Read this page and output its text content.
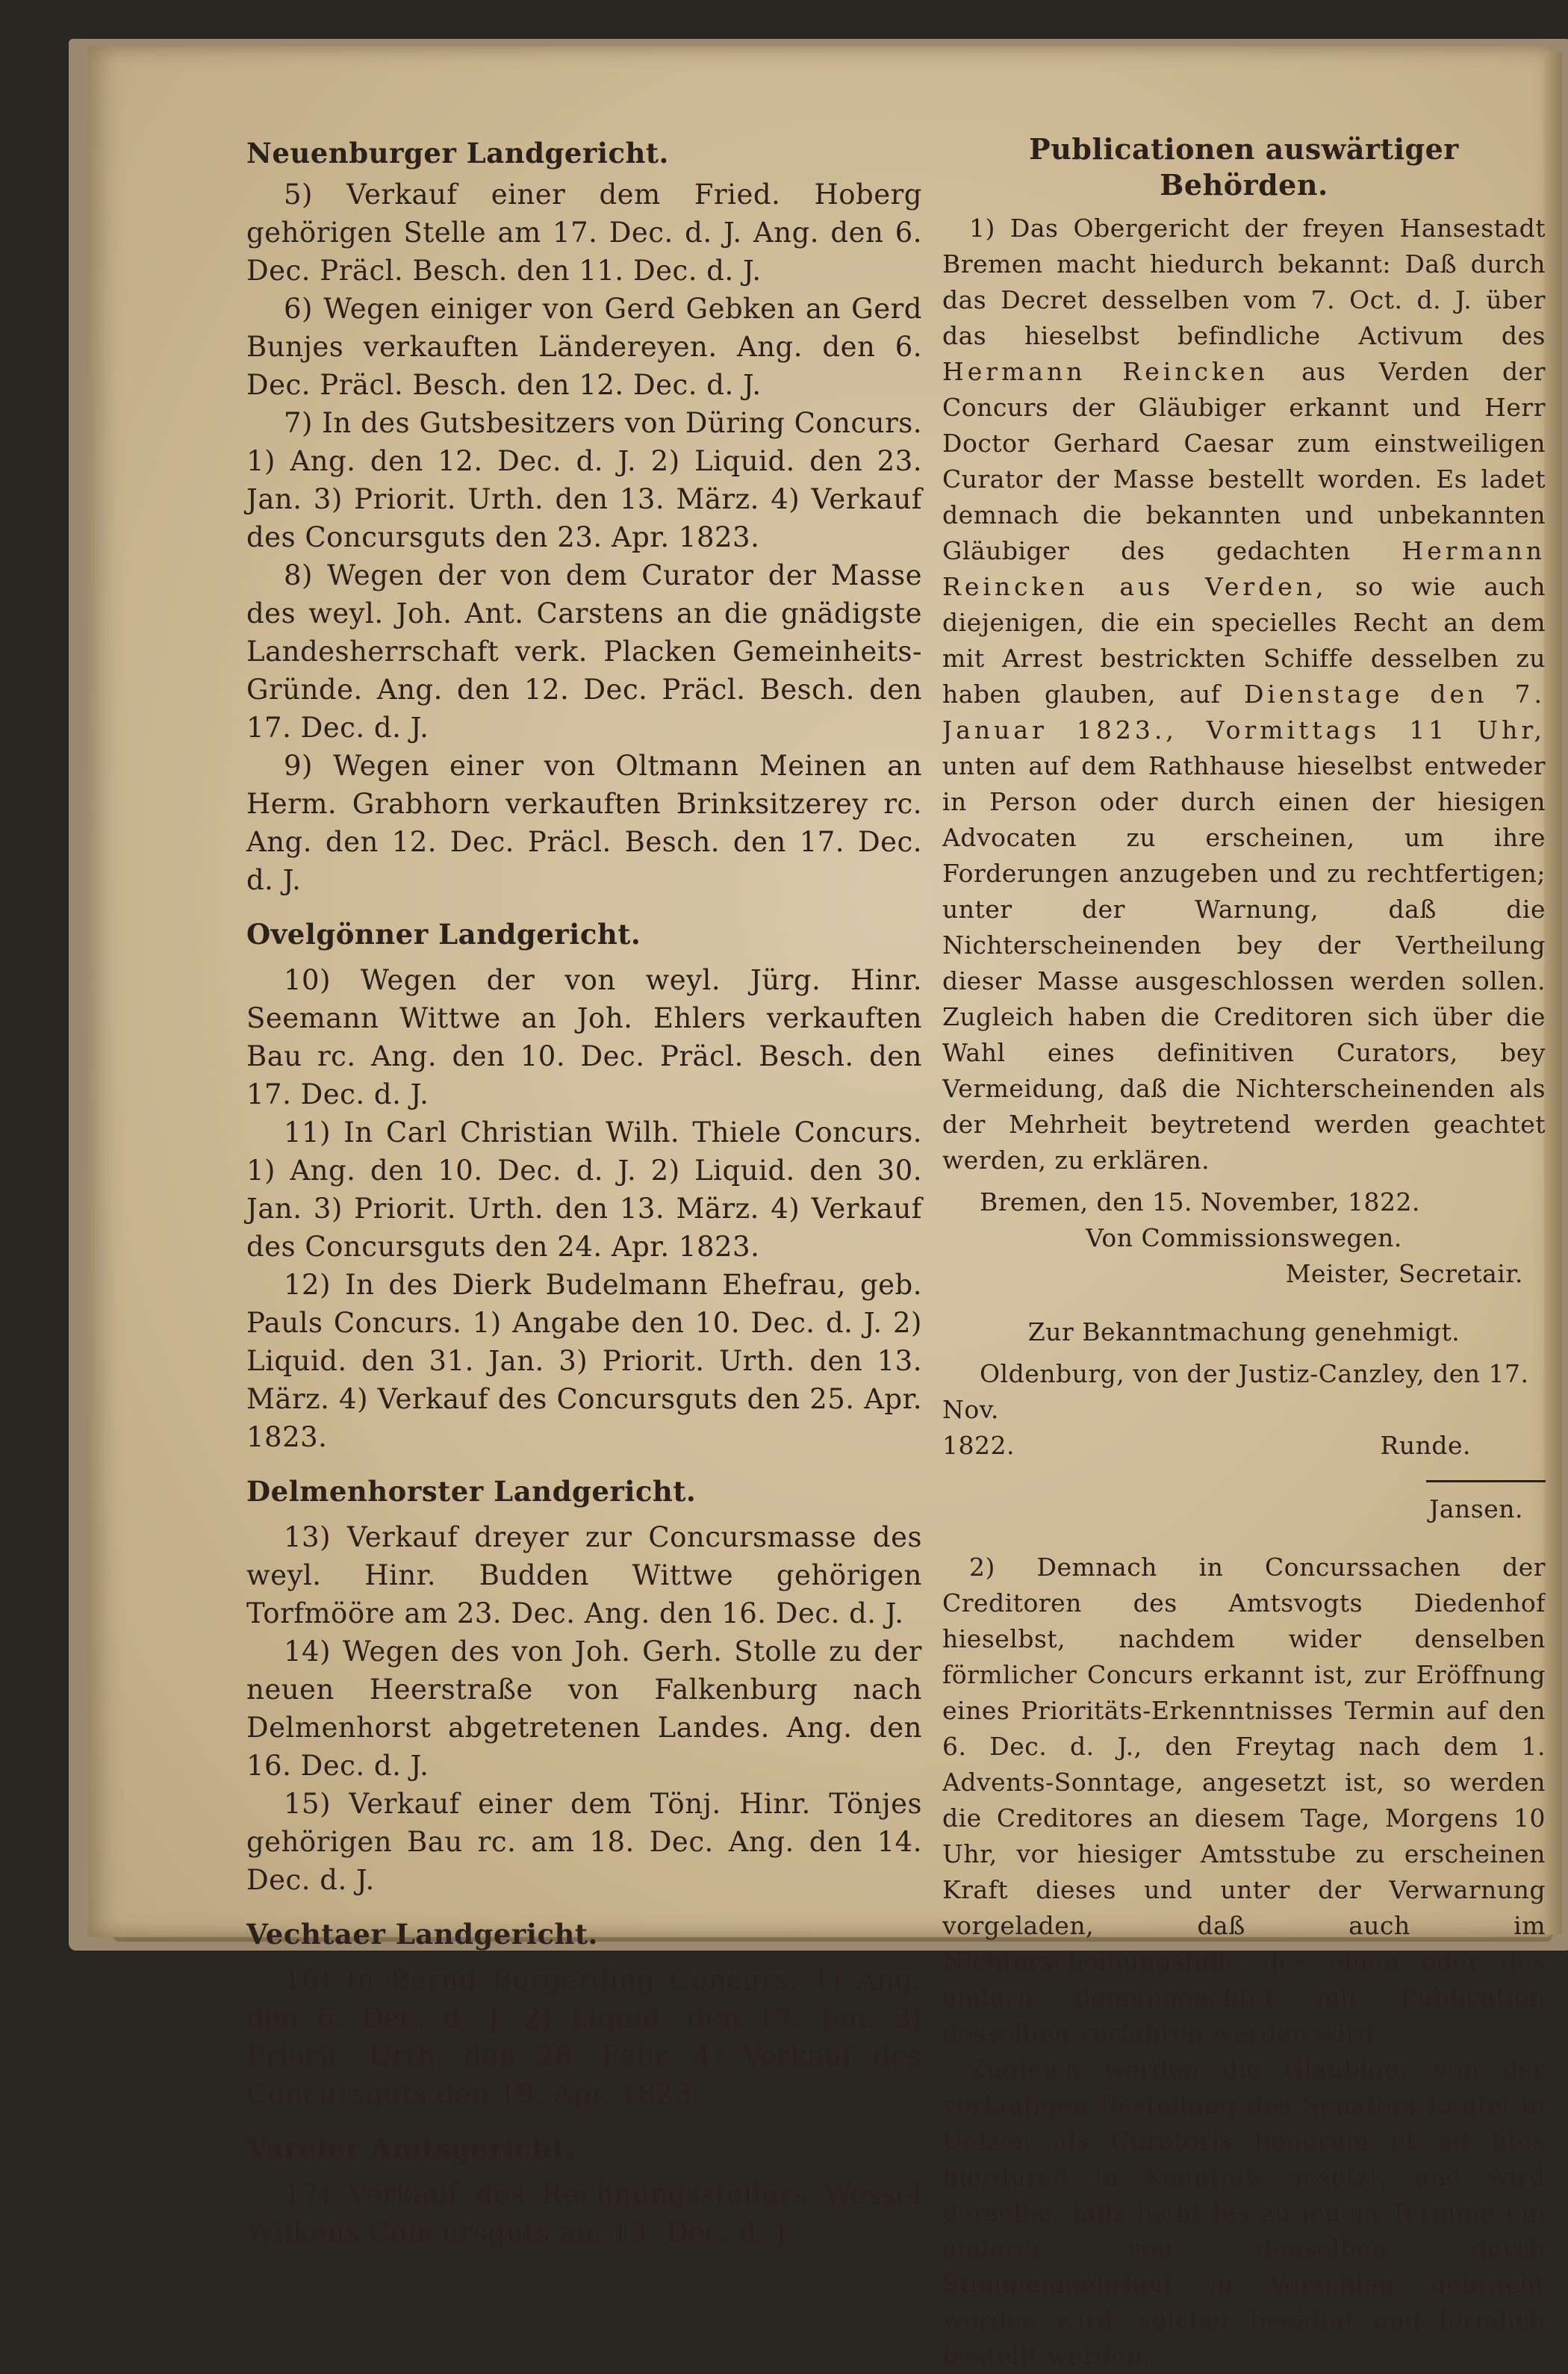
Neuenburger Landgericht.

5) Verkauf einer dem Fried. Hoberg gehörigen Stelle am 17. Dec. d. J. Ang. den 6. Dec. Präcl. Besch. den 11. Dec. d. J.

6) Wegen einiger von Gerd Gebken an Gerd Bunjes verkauften Ländereyen. Ang. den 6. Dec. Präcl. Besch. den 12. Dec. d. J.

7) In des Gutsbesitzers von Düring Concurs. 1) Ang. den 12. Dec. d. J. 2) Liquid. den 23. Jan. 3) Priorit. Urth. den 13. März. 4) Verkauf des Concursguts den 23. Apr. 1823.

8) Wegen der von dem Curator der Masse des weyl. Joh. Ant. Carstens an die gnädigste Landesherrschaft verk. Placken Gemeinheits-Gründe. Ang. den 12. Dec. Präcl. Besch. den 17. Dec. d. J.

9) Wegen einer von Oltmann Meinen an Herm. Grabhorn verkauften Brinksitzerey rc. Ang. den 12. Dec. Präcl. Besch. den 17. Dec. d. J.

Ovelgönner Landgericht.

10) Wegen der von weyl. Jürg. Hinr. Seemann Wittwe an Joh. Ehlers verkauften Bau rc. Ang. den 10. Dec. Präcl. Besch. den 17. Dec. d. J.

11) In Carl Christian Wilh. Thiele Concurs. 1) Ang. den 10. Dec. d. J. 2) Liquid. den 30. Jan. 3) Priorit. Urth. den 13. März. 4) Verkauf des Concursguts den 24. Apr. 1823.

12) In des Dierk Budelmann Ehefrau, geb. Pauls Concurs. 1) Angabe den 10. Dec. d. J. 2) Liquid. den 31. Jan. 3) Priorit. Urth. den 13. März. 4) Verkauf des Concursguts den 25. Apr. 1823.

Delmenhorster Landgericht.

13) Verkauf dreyer zur Concursmasse des weyl. Hinr. Budden Wittwe gehörigen Torfmööre am 23. Dec. Ang. den 16. Dec. d. J.

14) Wegen des von Joh. Gerh. Stolle zu der neuen Heerstraße von Falkenburg nach Delmenhorst abgetretenen Landes. Ang. den 16. Dec. d. J.

15) Verkauf einer dem Tönj. Hinr. Tönjes gehörigen Bau rc. am 18. Dec. Ang. den 14. Dec. d. J.

Vechtaer Landgericht.

16) In Bernd Borgerding Concurs. 1) Ang. den 6. Dec. d. J. 2) Liquid. den 17. Jan. 3) Priorit. Urth. den 28. Febr. 4) Verkauf des Concursguts den 19. Apr. 1823.

Vareler Amtsgericht.

17) Verkauf des Rechnungsstellers Wessel Wilkens Concursguts am 13. Dec. d. J.

Publicationen auswärtiger Behörden.

1) Das Obergericht der freyen Hansestadt Bremen macht hiedurch bekannt: Daß durch das Decret desselben vom 7. Oct. d. J. über das hieselbst befindliche Activum des Hermann Reincken aus Verden der Concurs der Gläubiger erkannt und Herr Doctor Gerhard Caesar zum einstweiligen Curator der Masse bestellt worden. Es ladet demnach die bekannten und unbekannten Gläubiger des gedachten Hermann Reincken aus Verden, so wie auch diejenigen, die ein specielles Recht an dem mit Arrest bestrickten Schiffe desselben zu haben glauben, auf Dienstage den 7. Januar 1823., Vormittags 11 Uhr, unten auf dem Rathhause hieselbst entweder in Person oder durch einen der hiesigen Advocaten zu erscheinen, um ihre Forderungen anzugeben und zu rechtfertigen; unter der Warnung, daß die Nichterscheinenden bey der Vertheilung dieser Masse ausgeschlossen werden sollen. Zugleich haben die Creditoren sich über die Wahl eines definitiven Curators, bey Vermeidung, daß die Nichterscheinenden als der Mehrheit beytretend werden geachtet werden, zu erklären.

Bremen, den 15. November, 1822.

Von Commissionswegen.

Meister, Secretair.

Zur Bekanntmachung genehmigt.

Oldenburg, von der Justiz-Canzley, den 17. Nov.

1822.	Runde.

Jansen.

2) Demnach in Concurssachen der Creditoren des Amtsvogts Diedenhof hieselbst, nachdem wider denselben förmlicher Concurs erkannt ist, zur Eröffnung eines Prioritäts-Erkenntnisses Termin auf den 6. Dec. d. J., den Freytag nach dem 1. Advents-Sonntage, angesetzt ist, so werden die Creditores an diesem Tage, Morgens 10 Uhr, vor hiesiger Amtsstube zu erscheinen Kraft dieses und unter der Verwarnung vorgeladen, daß auch im Nichterscheinungsfalle des einen oder des andern demungeachtet mit Publication desselben verfahren werden wird.

Zugleich werden die Gläubiger von der vorläufigen Bestellung des Senators Keufel in Uelzen als Curatoris bonorum et ad lites hierdurch in Kenntniß gesetzt, und wird derselbe, falls nicht bis zu jenem Termine ein anderer von denselben durch Stimmenmehrheit in Vorschlag gebracht werden wird, solcher beeidigt und förmlich bestellt werden.
